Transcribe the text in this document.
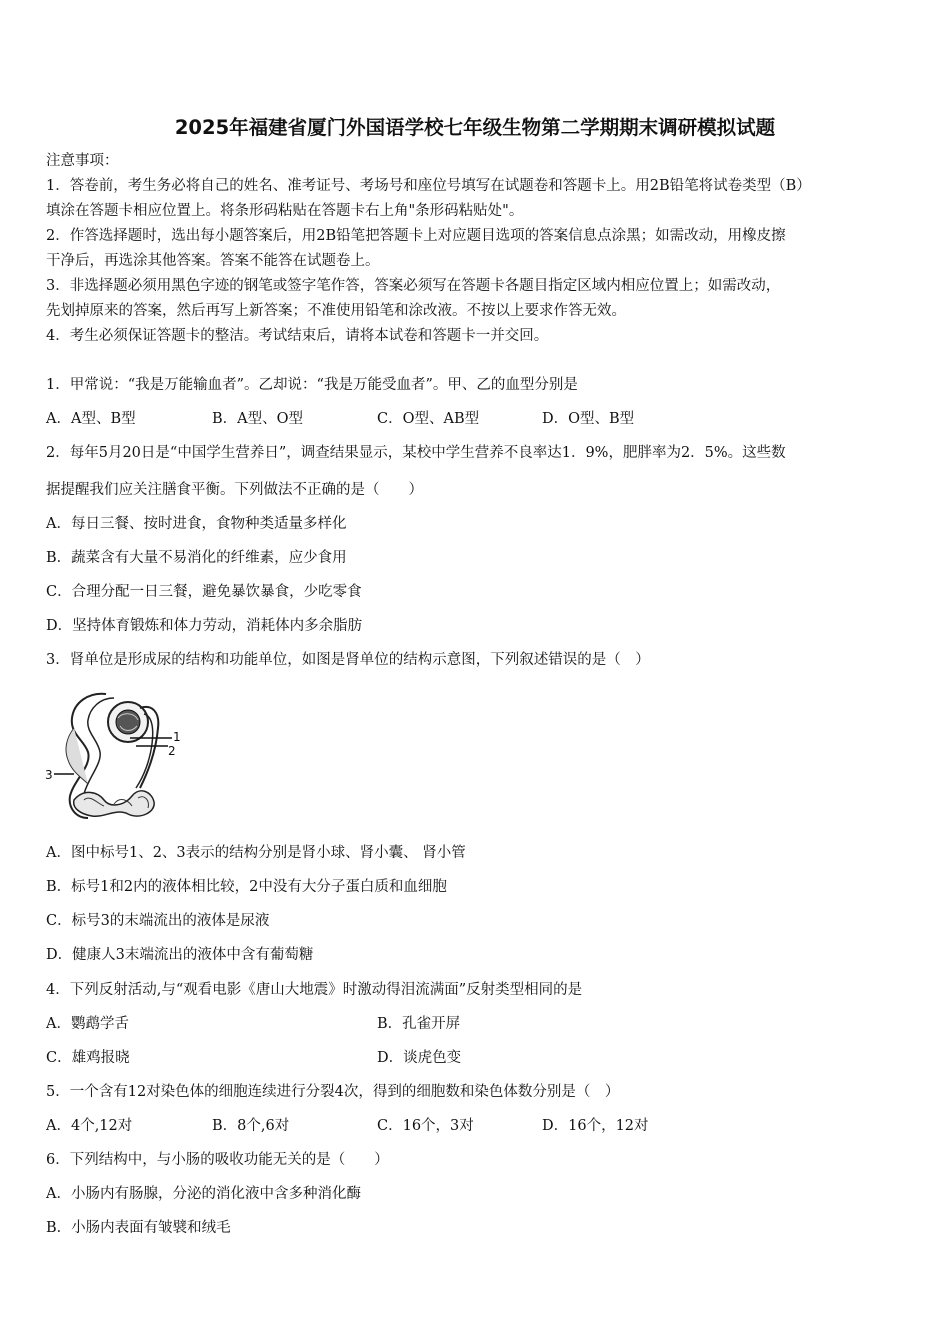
2025年福建省厦门外国语学校七年级生物第二学期期末调研模拟试题
注意事项：
1．答卷前，考生务必将自己的姓名、准考证号、考场号和座位号填写在试题卷和答题卡上。用2B铅笔将试卷类型（B）
填涂在答题卡相应位置上。将条形码粘贴在答题卡右上角"条形码粘贴处"。
2．作答选择题时，选出每小题答案后，用2B铅笔把答题卡上对应题目选项的答案信息点涂黑；如需改动，用橡皮擦
干净后，再选涂其他答案。答案不能答在试题卷上。
3．非选择题必须用黑色字迹的钢笔或签字笔作答，答案必须写在答题卡各题目指定区域内相应位置上；如需改动，
先划掉原来的答案，然后再写上新答案；不准使用铅笔和涂改液。不按以上要求作答无效。
4．考生必须保证答题卡的整洁。考试结束后，请将本试卷和答题卡一并交回。
1．甲常说：“我是万能输血者”。乙却说：“我是万能受血者”。甲、乙的血型分别是
A．A型、B型	B．A型、O型	C．O型、AB型	D．O型、B型
2．每年5月20日是“中国学生营养日”，调查结果显示，某校中学生营养不良率达1．9%，肥胖率为2．5%。这些数
据提醒我们应关注膳食平衡。下列做法不正确的是（　　）
A．每日三餐、按时进食，食物种类适量多样化
B．蔬菜含有大量不易消化的纤维素，应少食用
C．合理分配一日三餐，避免暴饮暴食，少吃零食
D．坚持体育锻炼和体力劳动，消耗体内多余脂肪
3．肾单位是形成尿的结构和功能单位，如图是肾单位的结构示意图，下列叙述错误的是（　）
1
2
3
A．图中标号1、2、3表示的结构分别是肾小球、肾小囊、 肾小管
B．标号1和2内的液体相比较，2中没有大分子蛋白质和血细胞
C．标号3的末端流出的液体是尿液
D．健康人3末端流出的液体中含有葡萄糖
4．下列反射活动,与“观看电影《唐山大地震》时激动得泪流满面”反射类型相同的是
A．鹦鹉学舌	B．孔雀开屏
C．雄鸡报晓	D．谈虎色变
5．一个含有12对染色体的细胞连续进行分裂4次，得到的细胞数和染色体数分别是（　）
A．4个,12对	B．8个,6对	C．16个，3对	D．16个，12对
6．下列结构中，与小肠的吸收功能无关的是（　　）
A．小肠内有肠腺，分泌的消化液中含多种消化酶
B．小肠内表面有皱襞和绒毛
